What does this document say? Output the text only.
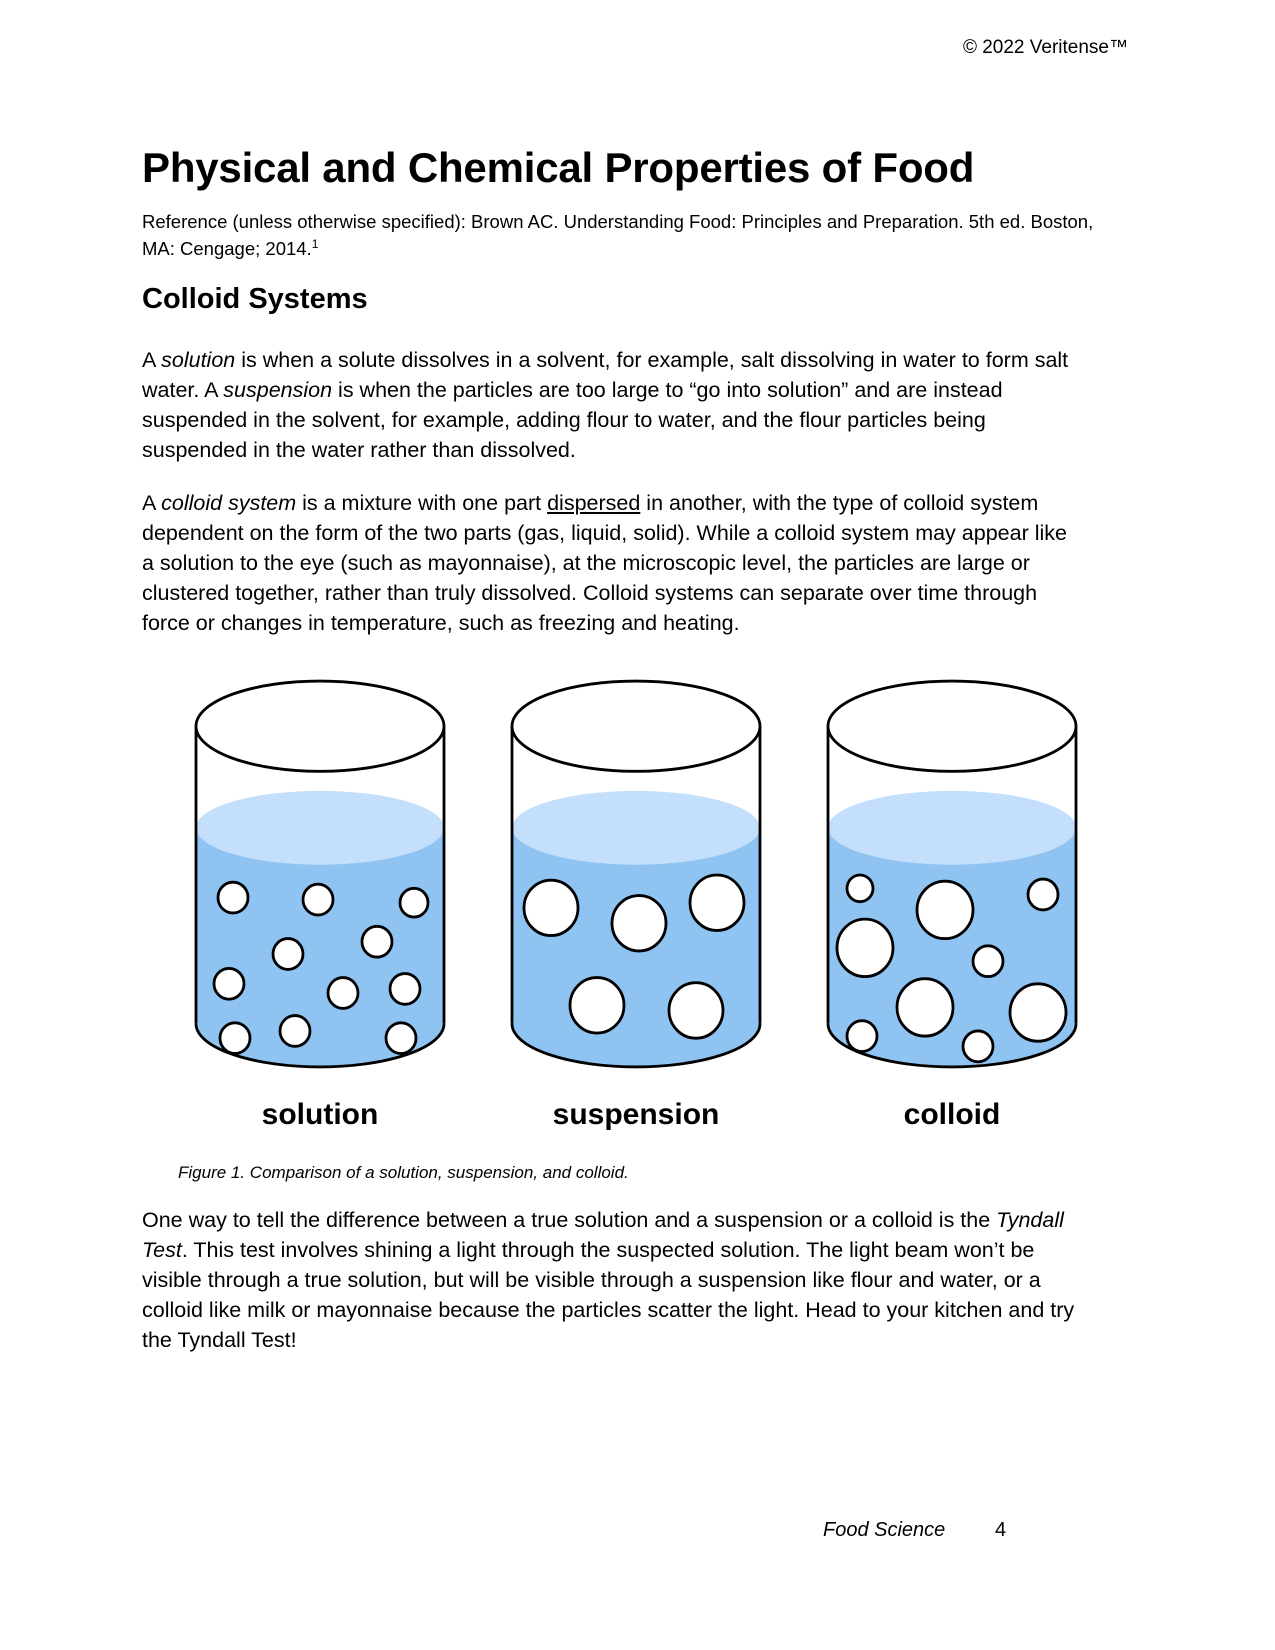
© 2022 Veritense™
Physical and Chemical Properties of Food

Reference (unless otherwise specified): Brown AC. Understanding Food: Principles and Preparation. 5th ed. Boston,
MA: Cengage; 2014.$^1$

Colloid Systems

A solution is when a solute dissolves in a solvent, for example, salt dissolving in water to form salt water. A suspension is when the particles are too large to “go into solution” and are instead suspended in the solvent, for example, adding flour to water, and the flour particles being suspended in the water rather than dissolved.

A colloid system is a mixture with one part dispersed in another, with the type of colloid system dependent on the form of the two parts (gas, liquid, solid). While a colloid system may appear like a solution to the eye (such as mayonnaise), at the microscopic level, the particles are large or clustered together, rather than truly dissolved. Colloid systems can separate over time through force or changes in temperature, such as freezing and heating.

solution	suspension	colloid
Figure 1. Comparison of a solution, suspension, and colloid.

One way to tell the difference between a true solution and a suspension or a colloid is the Tyndall Test. This test involves shining a light through the suspected solution. The light beam won’t be visible through a true solution, but will be visible through a suspension like flour and water, or a colloid like milk or mayonnaise because the particles scatter the light. Head to your kitchen and try the Tyndall Test!

Food Science 4
